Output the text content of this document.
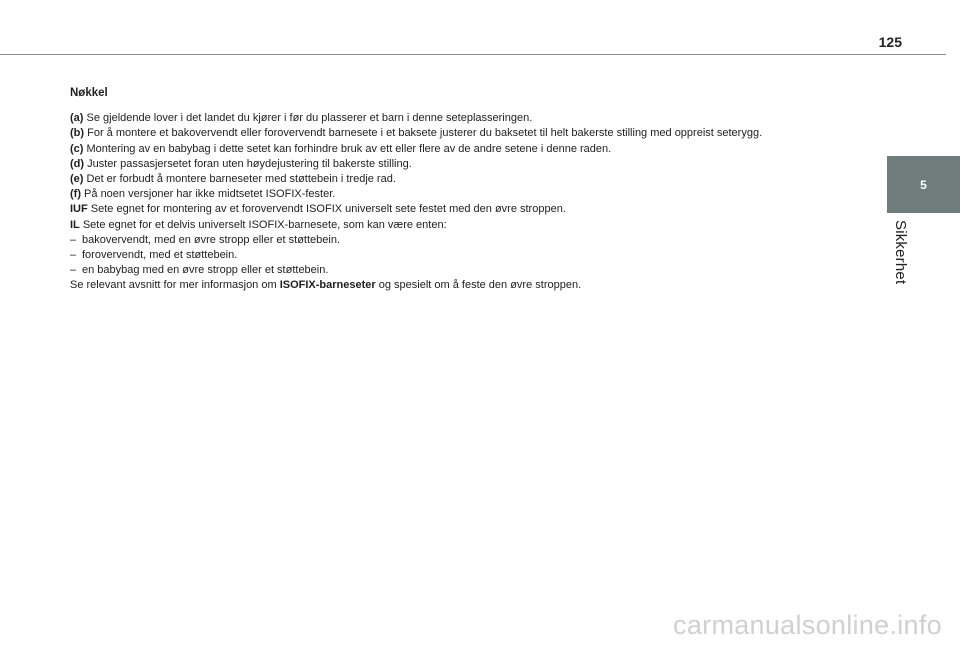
125
5
Sikkerhet
Nøkkel
(a) Se gjeldende lover i det landet du kjører i før du plasserer et barn i denne seteplasseringen.
(b) For å montere et bakovervendt eller forovervendt barnesete i et baksete justerer du baksetet til helt bakerste stilling med oppreist seterygg.
(c) Montering av en babybag i dette setet kan forhindre bruk av ett eller flere av de andre setene i denne raden.
(d) Juster passasjersetet foran uten høydejustering til bakerste stilling.
(e) Det er forbudt å montere barneseter med støttebein i tredje rad.
(f) På noen versjoner har ikke midtsetet ISOFIX-fester.
IUF Sete egnet for montering av et forovervendt ISOFIX universelt sete festet med den øvre stroppen.
IL Sete egnet for et delvis universelt ISOFIX-barnesete, som kan være enten:
– bakovervendt, med en øvre stropp eller et støttebein.
– forovervendt, med et støttebein.
– en babybag med en øvre stropp eller et støttebein.
Se relevant avsnitt for mer informasjon om ISOFIX-barneseter og spesielt om å feste den øvre stroppen.
carmanualsonline.info
